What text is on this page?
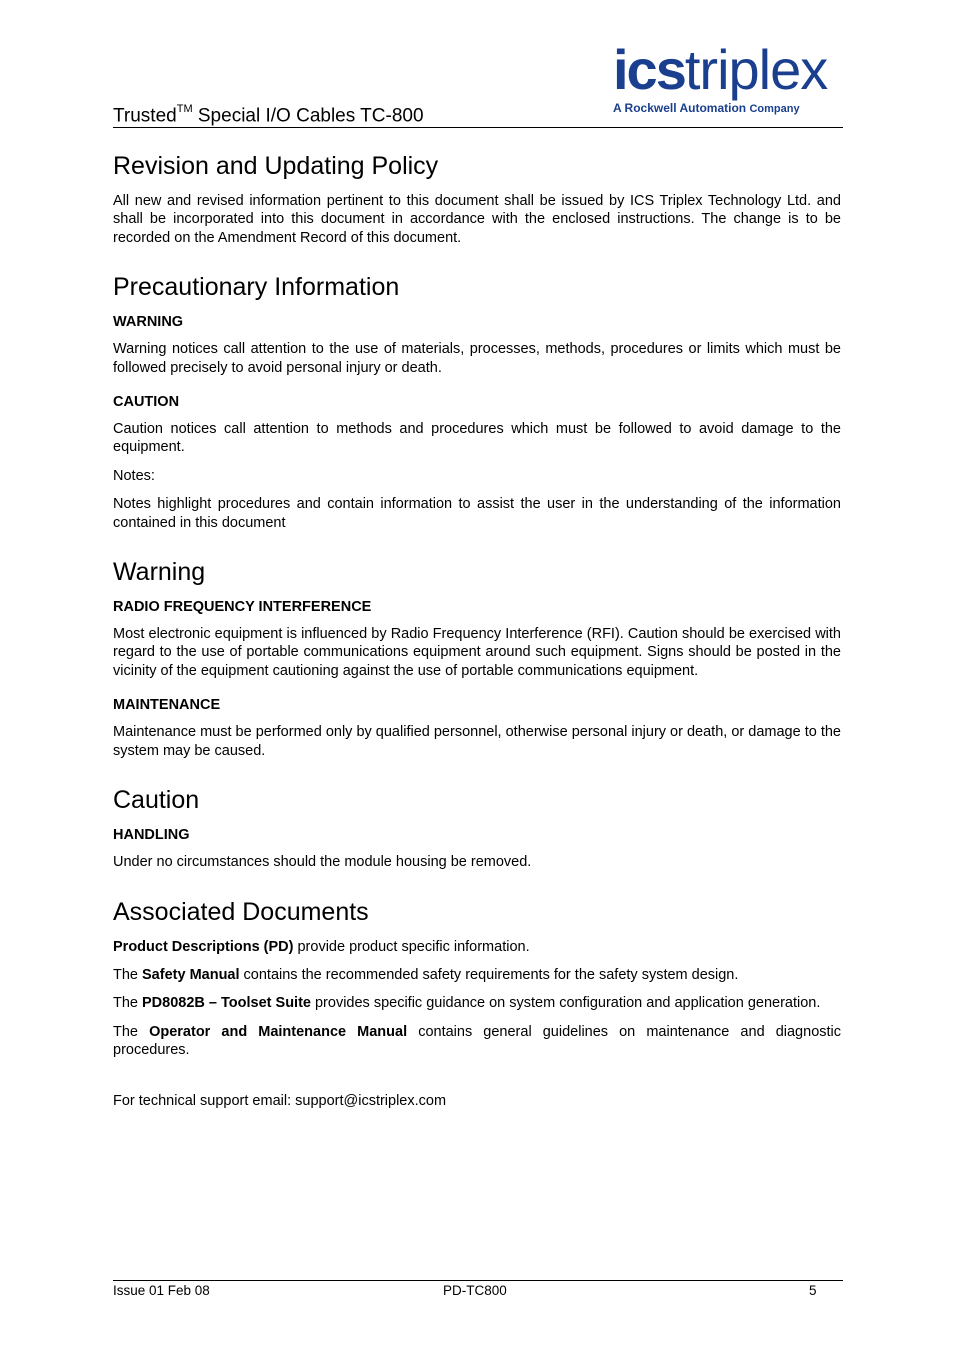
Trusted™ Special I/O Cables TC-800
icstriplex
A Rockwell Automation Company
Revision and Updating Policy

All new and revised information pertinent to this document shall be issued by ICS Triplex Technology Ltd. and shall be incorporated into this document in accordance with the enclosed instructions. The change is to be recorded on the Amendment Record of this document.

Precautionary Information
WARNING

Warning notices call attention to the use of materials, processes, methods, procedures or limits which must be followed precisely to avoid personal injury or death.

CAUTION

Caution notices call attention to methods and procedures which must be followed to avoid damage to the equipment.

Notes:

Notes highlight procedures and contain information to assist the user in the understanding of the information contained in this document

Warning
RADIO FREQUENCY INTERFERENCE

Most electronic equipment is influenced by Radio Frequency Interference (RFI). Caution should be exercised with regard to the use of portable communications equipment around such equipment. Signs should be posted in the vicinity of the equipment cautioning against the use of portable communications equipment.

MAINTENANCE

Maintenance must be performed only by qualified personnel, otherwise personal injury or death, or damage to the system may be caused.

Caution
HANDLING

Under no circumstances should the module housing be removed.

Associated Documents

Product Descriptions (PD) provide product specific information.

The Safety Manual contains the recommended safety requirements for the safety system design.

The PD8082B – Toolset Suite provides specific guidance on system configuration and application generation.

The Operator and Maintenance Manual contains general guidelines on maintenance and diagnostic procedures.

For technical support email: support@icstriplex.com

Issue 01 Feb 08	PD-TC800	5
